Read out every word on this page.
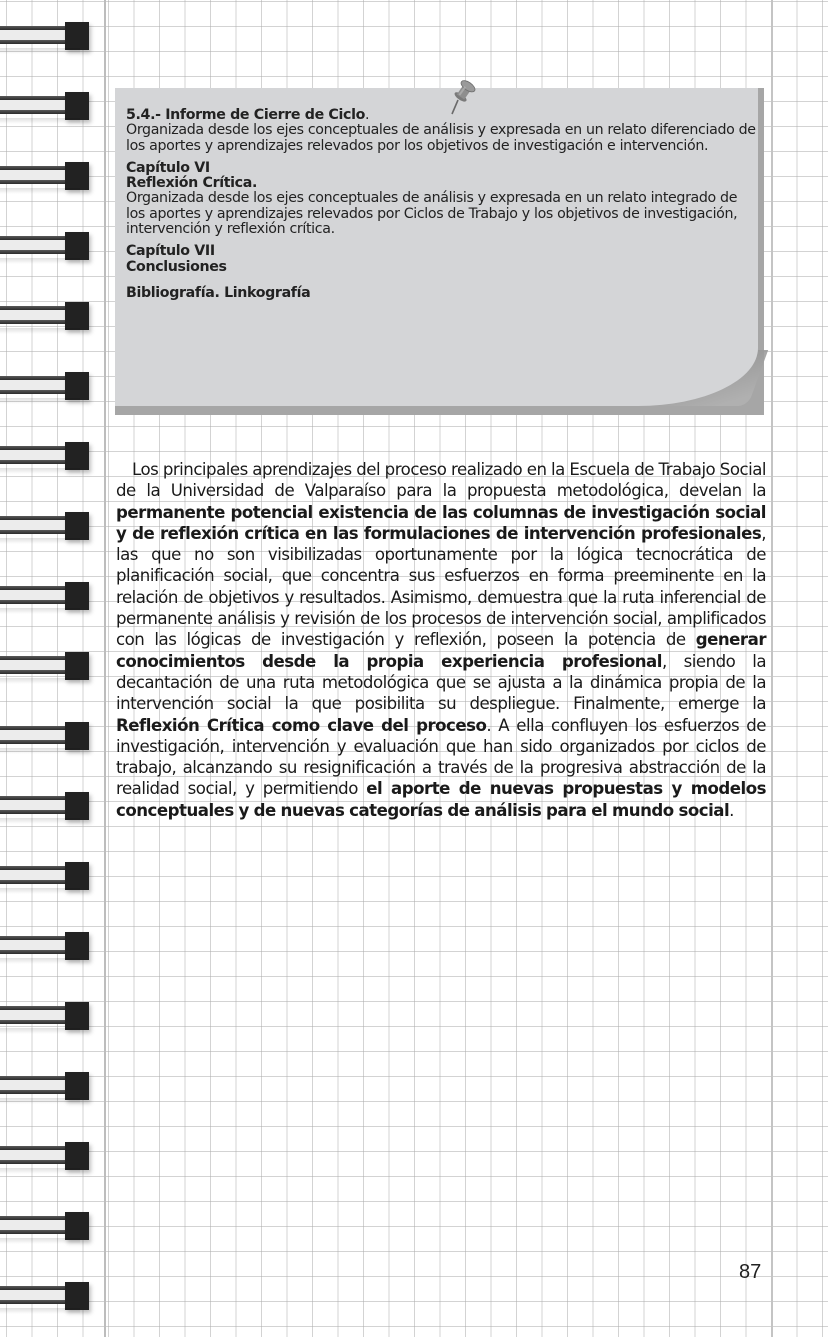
5.4.- Informe de Cierre de Ciclo.
Organizada desde los ejes conceptuales de análisis y expresada en un relato diferenciado de los aportes y aprendizajes relevados por los objetivos de investigación e intervención.
Capítulo VI
Reflexión Crítica.
Organizada desde los ejes conceptuales de análisis y expresada en un relato integrado de los aportes y aprendizajes relevados por Ciclos de Trabajo y los objetivos de investigación, intervención y reflexión crítica.
Capítulo VII
Conclusiones
Bibliografía. Linkografía
Los principales aprendizajes del proceso realizado en la Escuela de Trabajo Social de la Universidad de Valparaíso para la propuesta metodológica, develan la permanente potencial existencia de las columnas de investigación social y de reflexión crítica en las formulaciones de intervención profesionales, las que no son visibilizadas oportunamente por la lógica tecnocrática de planificación social, que concentra sus esfuerzos en forma preeminente en la relación de objetivos y resultados. Asimismo, demuestra que la ruta inferencial de permanente análisis y revisión de los procesos de intervención social, amplificados con las lógicas de investigación y reflexión, poseen la potencia de generar conocimientos desde la propia experiencia profesional, siendo la decantación de una ruta metodológica que se ajusta a la dinámica propia de la intervención social la que posibilita su despliegue. Finalmente, emerge la Reflexión Crítica como clave del proceso. A ella confluyen los esfuerzos de investigación, intervención y evaluación que han sido organizados por ciclos de trabajo, alcanzando su resignificación a través de la progresiva abstracción de la realidad social, y permitiendo el aporte de nuevas propuestas y modelos conceptuales y de nuevas categorías de análisis para el mundo social.
87
